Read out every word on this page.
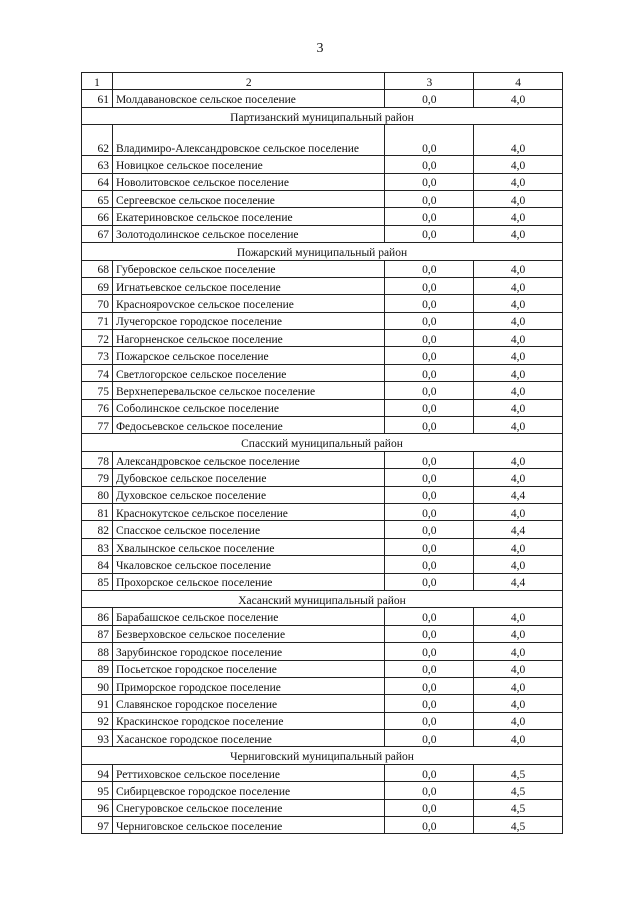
3
1	2	3	4
61	Молдавановское сельское поселение	0,0	4,0
Партизанский муниципальный район			
62	Владимиро-Александровское сельское поселение	0,0	4,0
63	Новицкое сельское поселение	0,0	4,0
64	Новолитовское сельское поселение	0,0	4,0
65	Сергеевское сельское поселение	0,0	4,0
66	Екатериновское сельское поселение	0,0	4,0
67	Золотодолинское сельское поселение	0,0	4,0
Пожарский муниципальный район			
68	Губеровское сельское поселение	0,0	4,0
69	Игнатьевское сельское поселение	0,0	4,0
70	Красноярovское сельское поселение	0,0	4,0
71	Лучегорское городское поселение	0,0	4,0
72	Нагорненское сельское поселение	0,0	4,0
73	Пожарское сельское поселение	0,0	4,0
74	Светлогорское сельское поселение	0,0	4,0
75	Верхнеперевальское сельское поселение	0,0	4,0
76	Соболинское сельское поселение	0,0	4,0
77	Федосьевское сельское поселение	0,0	4,0
Спасский муниципальный район			
78	Александровское сельское поселение	0,0	4,0
79	Дубовское сельское поселение	0,0	4,0
80	Духовское сельское поселение	0,0	4,4
81	Краснокутское сельское поселение	0,0	4,0
82	Спасское сельское поселение	0,0	4,4
83	Хвалынское сельское поселение	0,0	4,0
84	Чкаловское сельское поселение	0,0	4,0
85	Прохорское сельское поселение	0,0	4,4
Хасанский муниципальный район			
86	Барабашское сельское поселение	0,0	4,0
87	Безверховское сельское поселение	0,0	4,0
88	Зарубинское городское поселение	0,0	4,0
89	Посьетское городское поселение	0,0	4,0
90	Приморское городское поселение	0,0	4,0
91	Славянское городское поселение	0,0	4,0
92	Краскинское городское поселение	0,0	4,0
93	Хасанское городское поселение	0,0	4,0
Черниговский муниципальный район			
94	Реттиховское сельское поселение	0,0	4,5
95	Сибирцевское городское поселение	0,0	4,5
96	Снегуровское сельское поселение	0,0	4,5
97	Черниговское сельское поселение	0,0	4,5
